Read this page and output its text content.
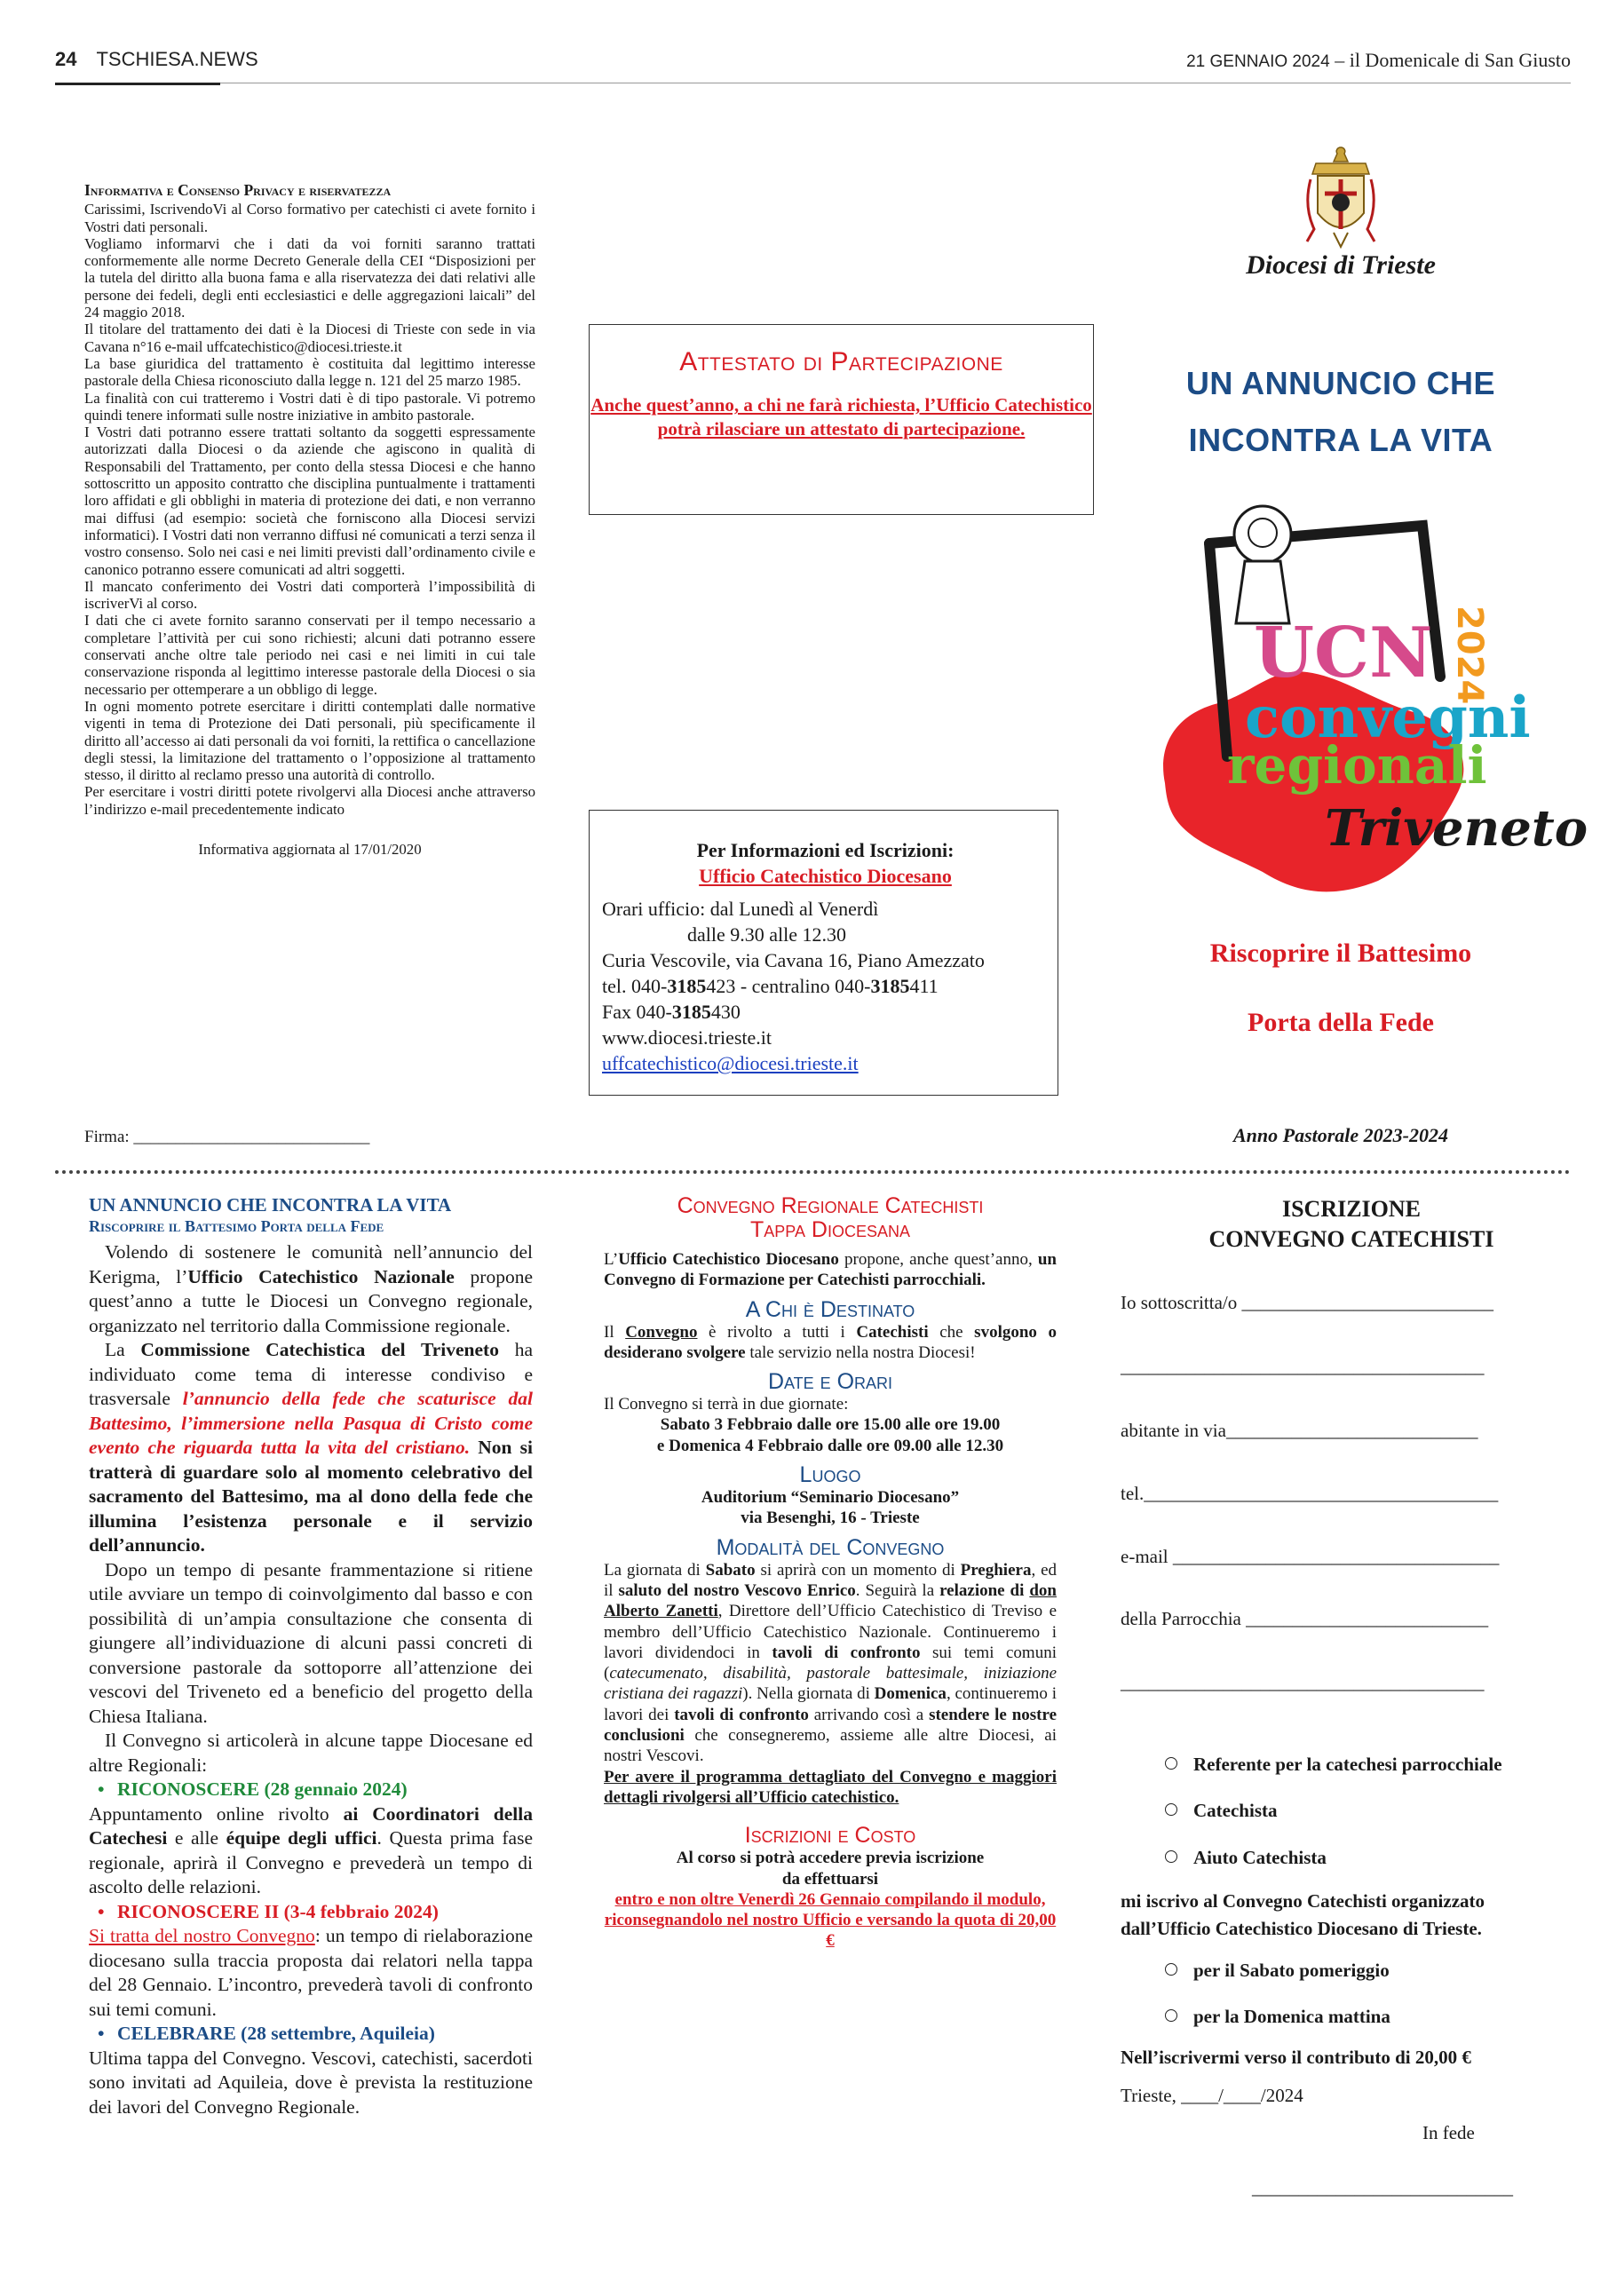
24 TSCHIESA.NEWS	21 GENNAIO 2024 – il Domenicale di San Giusto

Informativa e Consenso Privacy e riservatezza

Carissimi, IscrivendoVi al Corso formativo per catechisti ci avete fornito i Vostri dati personali.

Vogliamo informarvi che i dati da voi forniti saranno trattati conformemente alle norme Decreto Generale della CEI “Disposizioni per la tutela del diritto alla buona fama e alla riservatezza dei dati relativi alle persone dei fedeli, degli enti ecclesiastici e delle aggregazioni laicali” del 24 maggio 2018.

Il titolare del trattamento dei dati è la Diocesi di Trieste con sede in via Cavana n°16 e-mail uffcatechistico@diocesi.trieste.it

La base giuridica del trattamento è costituita dal legittimo interesse pastorale della Chiesa riconosciuto dalla legge n. 121 del 25 marzo 1985.

La finalità con cui tratteremo i Vostri dati è di tipo pastorale. Vi potremo quindi tenere informati sulle nostre iniziative in ambito pastorale.

I Vostri dati potranno essere trattati soltanto da soggetti espressamente autorizzati dalla Diocesi o da aziende che agiscono in qualità di Responsabili del Trattamento, per conto della stessa Diocesi e che hanno sottoscritto un apposito contratto che disciplina puntualmente i trattamenti loro affidati e gli obblighi in materia di protezione dei dati, e non verranno mai diffusi (ad esempio: società che forniscono alla Diocesi servizi informatici). I Vostri dati non verranno diffusi né comunicati a terzi senza il vostro consenso. Solo nei casi e nei limiti previsti dall’ordinamento civile e canonico potranno essere comunicati ad altri soggetti.

Il mancato conferimento dei Vostri dati comporterà l’impossibilità di iscriverVi al corso.

I dati che ci avete fornito saranno conservati per il tempo necessario a completare l’attività per cui sono richiesti; alcuni dati potranno essere conservati anche oltre tale periodo nei casi e nei limiti in cui tale conservazione risponda al legittimo interesse pastorale della Diocesi o sia necessario per ottemperare a un obbligo di legge.

In ogni momento potrete esercitare i diritti contemplati dalle normative vigenti in tema di Protezione dei Dati personali, più specificamente il diritto all’accesso ai dati personali da voi forniti, la rettifica o cancellazione degli stessi, la limitazione del trattamento o l’opposizione al trattamento stesso, il diritto al reclamo presso una autorità di controllo.

Per esercitare i vostri diritti potete rivolgervi alla Diocesi anche attraverso l’indirizzo e-mail precedentemente indicato

Informativa aggiornata al 17/01/2020

Firma: ____________________________
Attestato di Partecipazione
Anche quest’anno, a chi ne farà richiesta, l’Ufficio Catechistico potrà rilasciare un attestato di partecipazione.
Per Informazioni ed Iscrizioni:
Ufficio Catechistico Diocesano
Orari ufficio: dal Lunedì al Venerdì
dalle 9.30 alle 12.30
Curia Vescovile, via Cavana 16, Piano Amezzato
tel. 040-3185423 - centralino 040-3185411
Fax 040-3185430
www.diocesi.trieste.it
uffcatechistico@diocesi.trieste.it
Diocesi di Trieste
UN ANNUNCIO CHE
INCONTRA LA VITA
UCN 2024
convegni
regionali
Triveneto
Riscoprire il Battesimo
Porta della Fede
Anno Pastorale 2023-2024
UN ANNUNCIO CHE INCONTRA LA VITA
Riscoprire il Battesimo Porta della Fede

Volendo di sostenere le comunità nell’annuncio del Kerigma, l’Ufficio Catechistico Nazionale propone quest’anno a tutte le Diocesi un Convegno regionale, organizzato nel territorio dalla Commissione regionale.

La Commissione Catechistica del Triveneto ha individuato come tema di interesse condiviso e trasversale l’annuncio della fede che scaturisce dal Battesimo, l’immersione nella Pasqua di Cristo come evento che riguarda tutta la vita del cristiano. Non si tratterà di guardare solo al momento celebrativo del sacramento del Battesimo, ma al dono della fede che illumina l’esistenza personale e il servizio dell’annuncio.

Dopo un tempo di pesante frammentazione si ritiene utile avviare un tempo di coinvolgimento dal basso e con possibilità di un’ampia consultazione che consenta di giungere all’individuazione di alcuni passi concreti di conversione pastorale da sottoporre all’attenzione dei vescovi del Triveneto ed a beneficio del progetto della Chiesa Italiana.

Il Convegno si articolerà in alcune tappe Diocesane ed altre Regionali:

• RICONOSCERE (28 gennaio 2024)

Appuntamento online rivolto ai Coordinatori della Catechesi e alle équipe degli uffici. Questa prima fase regionale, aprirà il Convegno e prevederà un tempo di ascolto delle relazioni.

• RICONOSCERE II (3-4 febbraio 2024)

Si tratta del nostro Convegno: un tempo di rielaborazione diocesano sulla traccia proposta dai relatori nella tappa del 28 Gennaio. L’incontro, prevederà tavoli di confronto sui temi comuni.

• CELEBRARE (28 settembre, Aquileia)

Ultima tappa del Convegno. Vescovi, catechisti, sacerdoti sono invitati ad Aquileia, dove è prevista la restituzione dei lavori del Convegno Regionale.

Convegno Regionale Catechisti
Tappa Diocesana

L’Ufficio Catechistico Diocesano propone, anche quest’anno, un Convegno di Formazione per Catechisti parrocchiali.

A Chi è Destinato

Il Convegno è rivolto a tutti i Catechisti che svolgono o desiderano svolgere tale servizio nella nostra Diocesi!

Date e Orari

Il Convegno si terrà in due giornate:

Sabato 3 Febbraio dalle ore 15.00 alle ore 19.00

e Domenica 4 Febbraio dalle ore 09.00 alle 12.30

Luogo

Auditorium “Seminario Diocesano”

via Besenghi, 16 - Trieste

Modalità del Convegno

La giornata di Sabato si aprirà con un momento di Preghiera, ed il saluto del nostro Vescovo Enrico. Seguirà la relazione di don Alberto Zanetti, Direttore dell’Ufficio Catechistico di Treviso e membro dell’Ufficio Catechistico Nazionale. Continueremo i lavori dividendoci in tavoli di confronto sui temi comuni (catecumenato, disabilità, pastorale battesimale, iniziazione cristiana dei ragazzi). Nella giornata di Domenica, continueremo i lavori dei tavoli di confronto arrivando così a stendere le nostre conclusioni che consegneremo, assieme alle altre Diocesi, ai nostri Vescovi.

Per avere il programma dettagliato del Convegno e maggiori dettagli rivolgersi all’Ufficio catechistico.

Iscrizioni e Costo

Al corso si potrà accedere previa iscrizione

da effettuarsi

entro e non oltre Venerdì 26 Gennaio compilando il modulo, riconsegnandolo nel nostro Ufficio e versando la quota di 20,00 €

ISCRIZIONE
CONVEGNO CATECHISTI
Io sottoscritta/o ___________________________
_______________________________________
abitante in via___________________________
tel.______________________________________
e-mail ___________________________________
della Parrocchia __________________________
_______________________________________
Referente per la catechesi parrocchiale
Catechista
Aiuto Catechista
mi iscrivo al Convegno Catechisti organizzato
dall’Ufficio Catechistico Diocesano di Trieste.
per il Sabato pomeriggio
per la Domenica mattina
Nell’iscrivermi verso il contributo di 20,00 €
Trieste, ____/____/2024
In fede
____________________________
